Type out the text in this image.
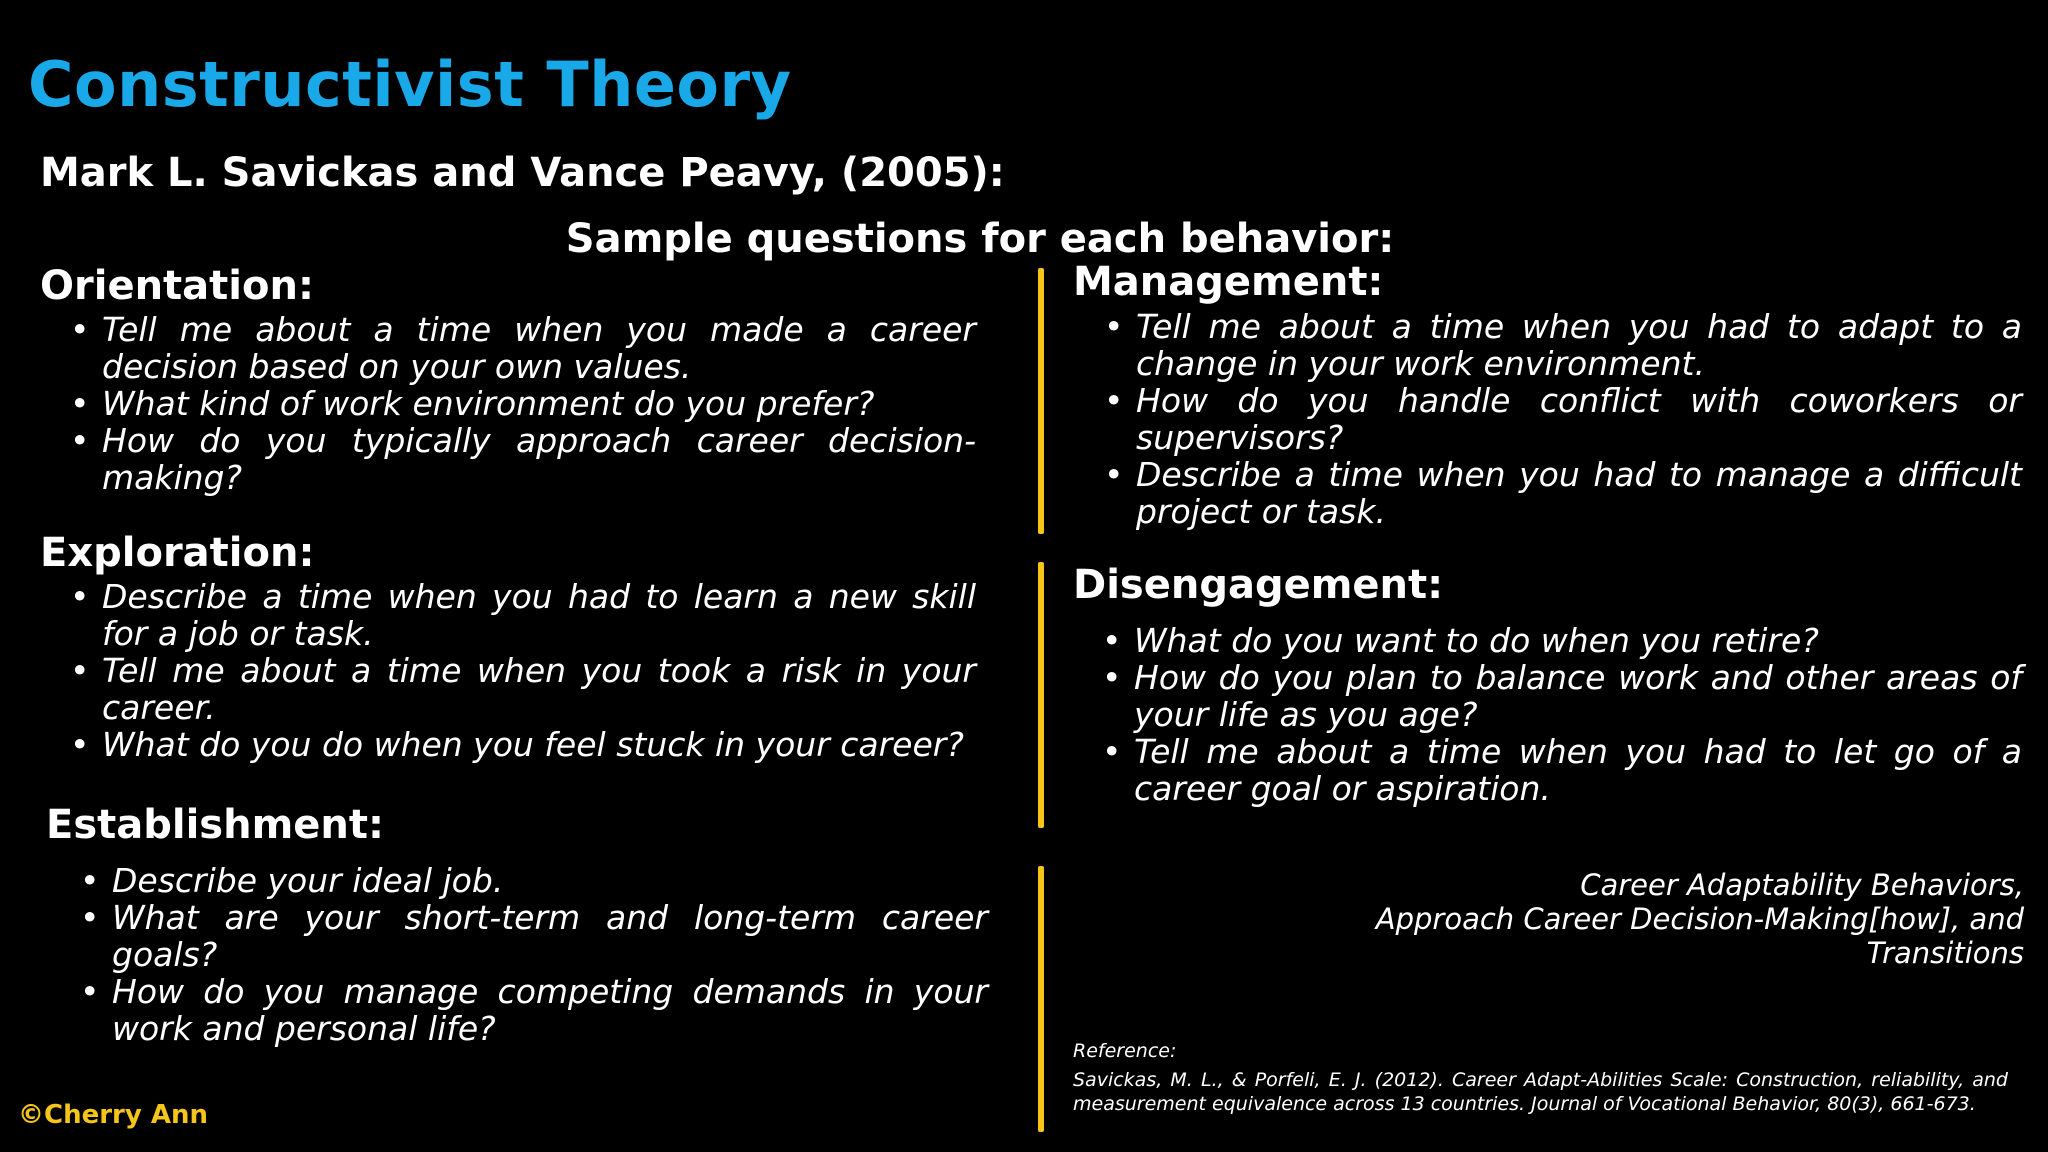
Constructivist Theory
Mark L. Savickas and Vance Peavy, (2005):
Sample questions for each behavior:
Orientation:
• Tell me about a time when you made a career decision based on your own values.
• What kind of work environment do you prefer?
• How do you typically approach career decision-making?
Exploration:
• Describe a time when you had to learn a new skill for a job or task.
• Tell me about a time when you took a risk in your career.
• What do you do when you feel stuck in your career?
Establishment:
• Describe your ideal job.
• What are your short-term and long-term career goals?
• How do you manage competing demands in your work and personal life?
Management:
• Tell me about a time when you had to adapt to a change in your work environment.
• How do you handle conflict with coworkers or supervisors?
• Describe a time when you had to manage a difficult project or task.
Disengagement:
• What do you want to do when you retire?
• How do you plan to balance work and other areas of your life as you age?
• Tell me about a time when you had to let go of a career goal or aspiration.
Career Adaptability Behaviors,
Approach Career Decision-Making[how], and
Transitions
Reference:
Savickas, M. L., & Porfeli, E. J. (2012). Career Adapt-Abilities Scale: Construction, reliability, and measurement equivalence across 13 countries. Journal of Vocational Behavior, 80(3), 661-673.
©Cherry Ann
